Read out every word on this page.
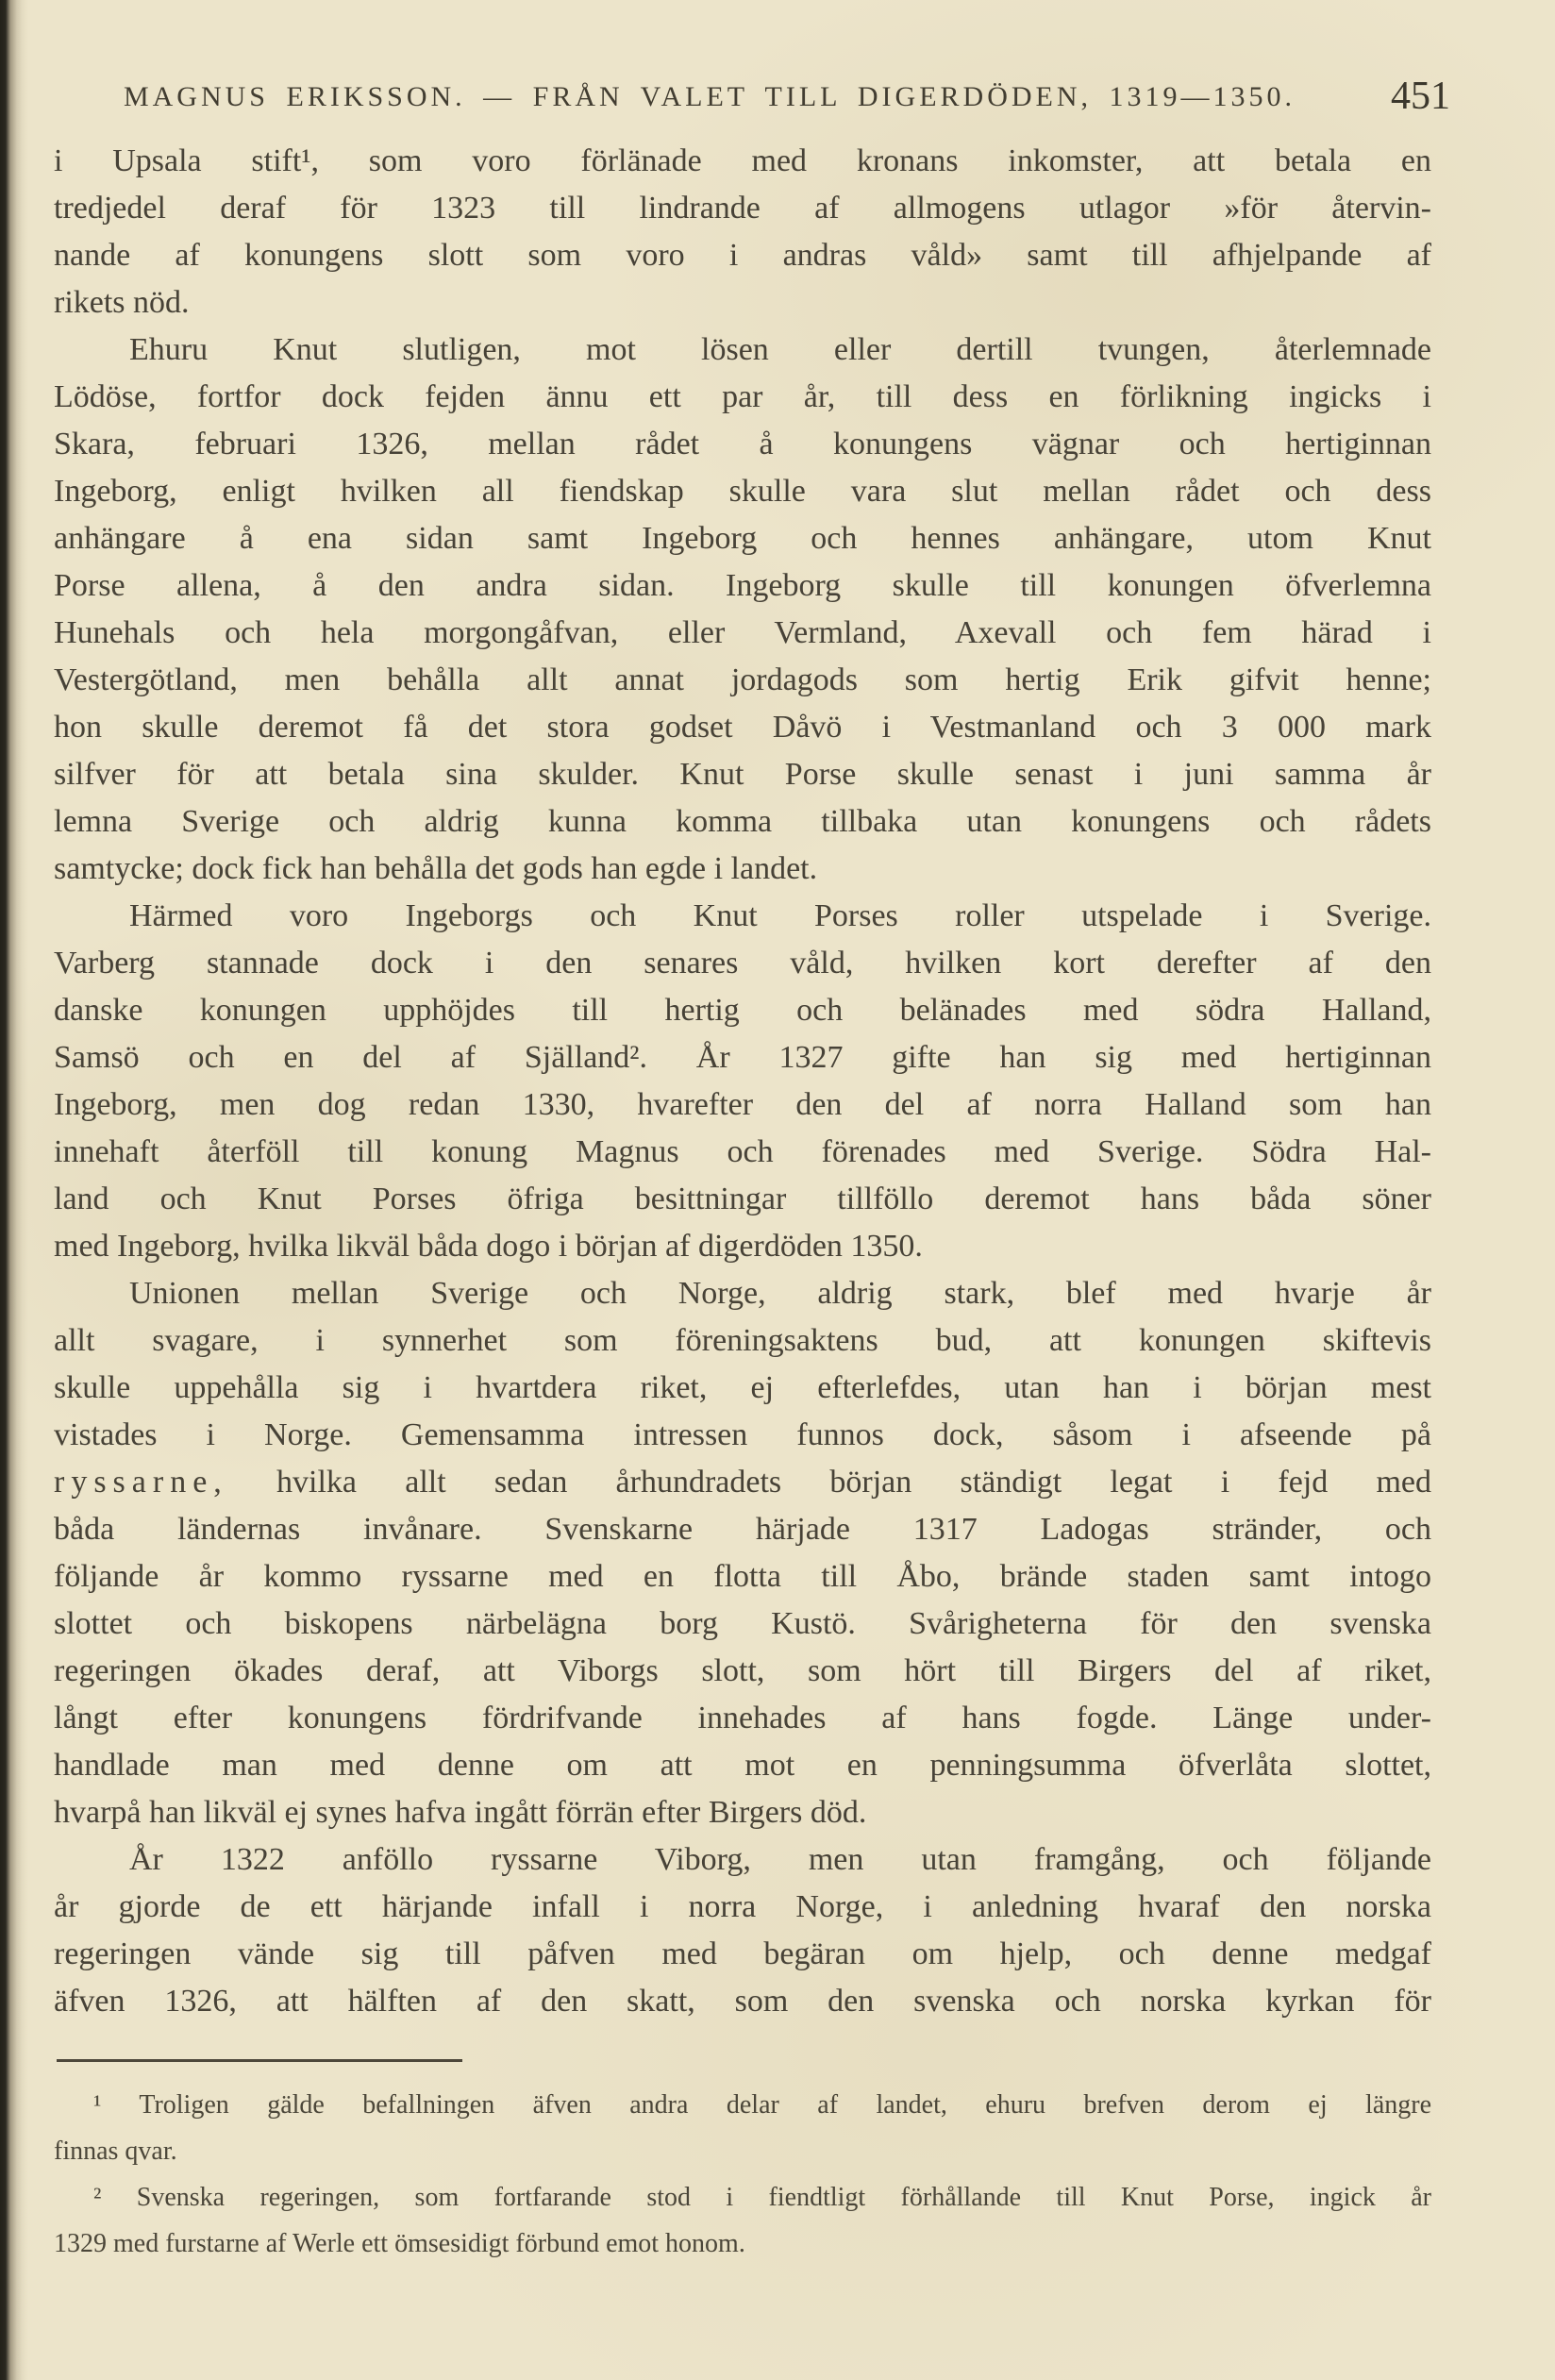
MAGNUS ERIKSSON. — FRÅN VALET TILL DIGERDÖDEN, 1319—1350.	451
i Upsala stift¹, som voro förlänade med kronans inkomster, att betala en
tredjedel deraf för 1323 till lindrande af allmogens utlagor »för återvin-
nande af konungens slott som voro i andras våld» samt till afhjelpande af
rikets nöd.
Ehuru Knut slutligen, mot lösen eller dertill tvungen, återlemnade
Lödöse, fortfor dock fejden ännu ett par år, till dess en förlikning ingicks i
Skara, februari 1326, mellan rådet å konungens vägnar och hertiginnan
Ingeborg, enligt hvilken all fiendskap skulle vara slut mellan rådet och dess
anhängare å ena sidan samt Ingeborg och hennes anhängare, utom Knut
Porse allena, å den andra sidan. Ingeborg skulle till konungen öfverlemna
Hunehals och hela morgongåfvan, eller Vermland, Axevall och fem härad i
Vestergötland, men behålla allt annat jordagods som hertig Erik gifvit henne;
hon skulle deremot få det stora godset Dåvö i Vestmanland och 3 000 mark
silfver för att betala sina skulder. Knut Porse skulle senast i juni samma år
lemna Sverige och aldrig kunna komma tillbaka utan konungens och rådets
samtycke; dock fick han behålla det gods han egde i landet.
Härmed voro Ingeborgs och Knut Porses roller utspelade i Sverige.
Varberg stannade dock i den senares våld, hvilken kort derefter af den
danske konungen upphöjdes till hertig och belänades med södra Halland,
Samsö och en del af Själland². År 1327 gifte han sig med hertiginnan
Ingeborg, men dog redan 1330, hvarefter den del af norra Halland som han
innehaft återföll till konung Magnus och förenades med Sverige. Södra Hal-
land och Knut Porses öfriga besittningar tillföllo deremot hans båda söner
med Ingeborg, hvilka likväl båda dogo i början af digerdöden 1350.
Unionen mellan Sverige och Norge, aldrig stark, blef med hvarje år
allt svagare, i synnerhet som föreningsaktens bud, att konungen skiftevis
skulle uppehålla sig i hvartdera riket, ej efterlefdes, utan han i början mest
vistades i Norge. Gemensamma intressen funnos dock, såsom i afseende på
ryssarne, hvilka allt sedan århundradets början ständigt legat i fejd med
båda ländernas invånare. Svenskarne härjade 1317 Ladogas stränder, och
följande år kommo ryssarne med en flotta till Åbo, brände staden samt intogo
slottet och biskopens närbelägna borg Kustö. Svårigheterna för den svenska
regeringen ökades deraf, att Viborgs slott, som hört till Birgers del af riket,
långt efter konungens fördrifvande innehades af hans fogde. Länge under-
handlade man med denne om att mot en penningsumma öfverlåta slottet,
hvarpå han likväl ej synes hafva ingått förrän efter Birgers död.
År 1322 anföllo ryssarne Viborg, men utan framgång, och följande
år gjorde de ett härjande infall i norra Norge, i anledning hvaraf den norska
regeringen vände sig till påfven med begäran om hjelp, och denne medgaf
äfven 1326, att hälften af den skatt, som den svenska och norska kyrkan för
¹ Troligen gälde befallningen äfven andra delar af landet, ehuru brefven derom ej längre
finnas qvar.
² Svenska regeringen, som fortfarande stod i fiendtligt förhållande till Knut Porse, ingick år
1329 med furstarne af Werle ett ömsesidigt förbund emot honom.
